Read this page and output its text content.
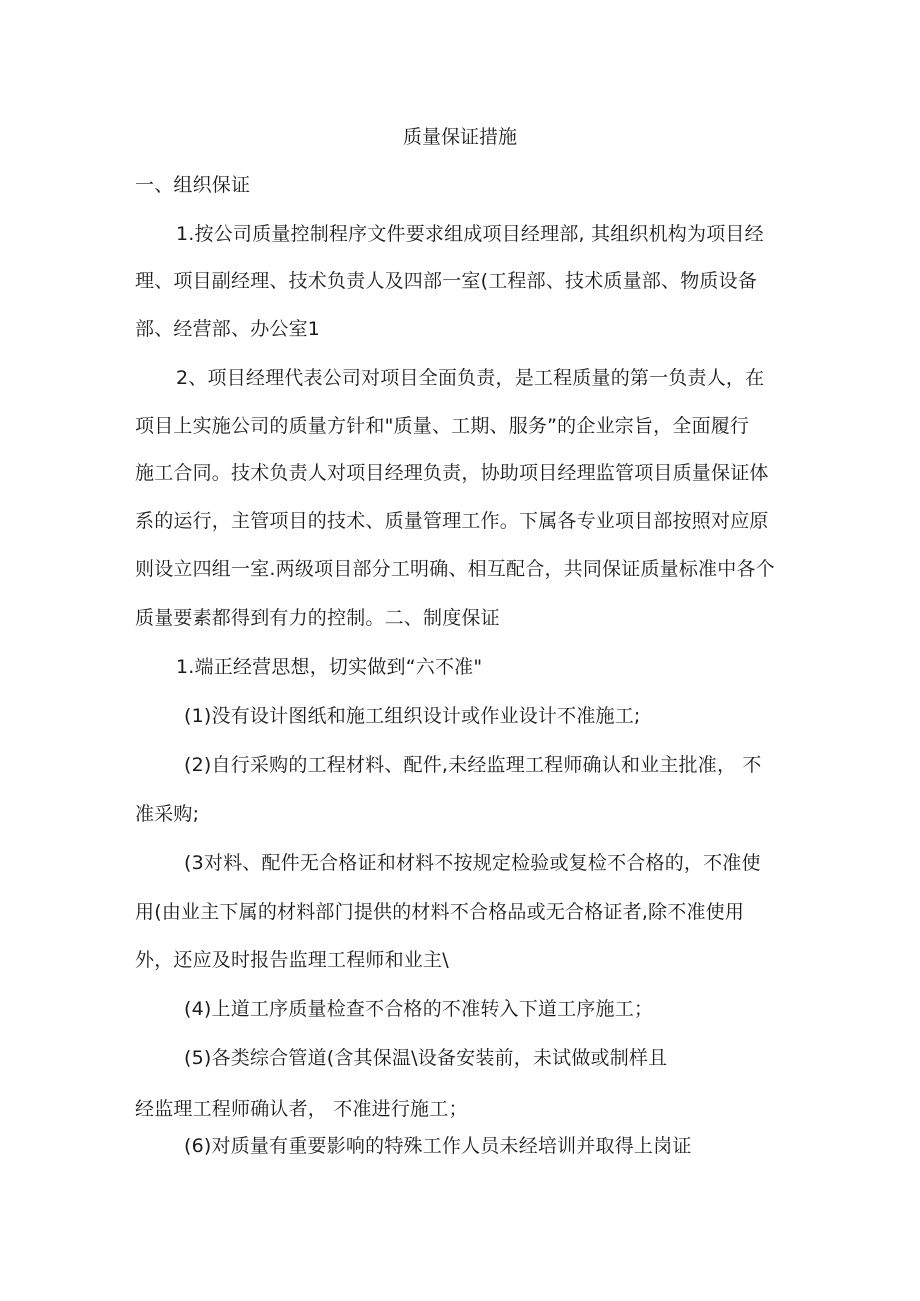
质量保证措施
一、组织保证
1.按公司质量控制程序文件要求组成项目经理部, 其组织机构为项目经
理、项目副经理、技术负责人及四部一室(工程部、技术质量部、物质设备
部、经营部、办公室1
2、项目经理代表公司对项目全面负责，是工程质量的第一负责人，在
项目上实施公司的质量方针和"质量、工期、服务”的企业宗旨，全面履行
施工合同。技术负责人对项目经理负责，协助项目经理监管项目质量保证体
系的运行，主管项目的技术、质量管理工作。下属各专业项目部按照对应原
则设立四组一室.两级项目部分工明确、相互配合，共同保证质量标准中各个
质量要素都得到有力的控制。二、制度保证
1.端正经营思想，切实做到“六不准"
(1)没有设计图纸和施工组织设计或作业设计不准施工;
(2)自行采购的工程材料、配件,未经监理工程师确认和业主批准， 不
准采购;
(3对料、配件无合格证和材料不按规定检验或复检不合格的，不准使
用(由业主下属的材料部门提供的材料不合格品或无合格证者,除不准使用
外，还应及时报告监理工程师和业主\
(4)上道工序质量检查不合格的不准转入下道工序施工；
(5)各类综合管道(含其保温\设备安装前，未试做或制样且
经监理工程师确认者， 不准进行施工；
(6)对质量有重要影响的特殊工作人员未经培训并取得上岗证
